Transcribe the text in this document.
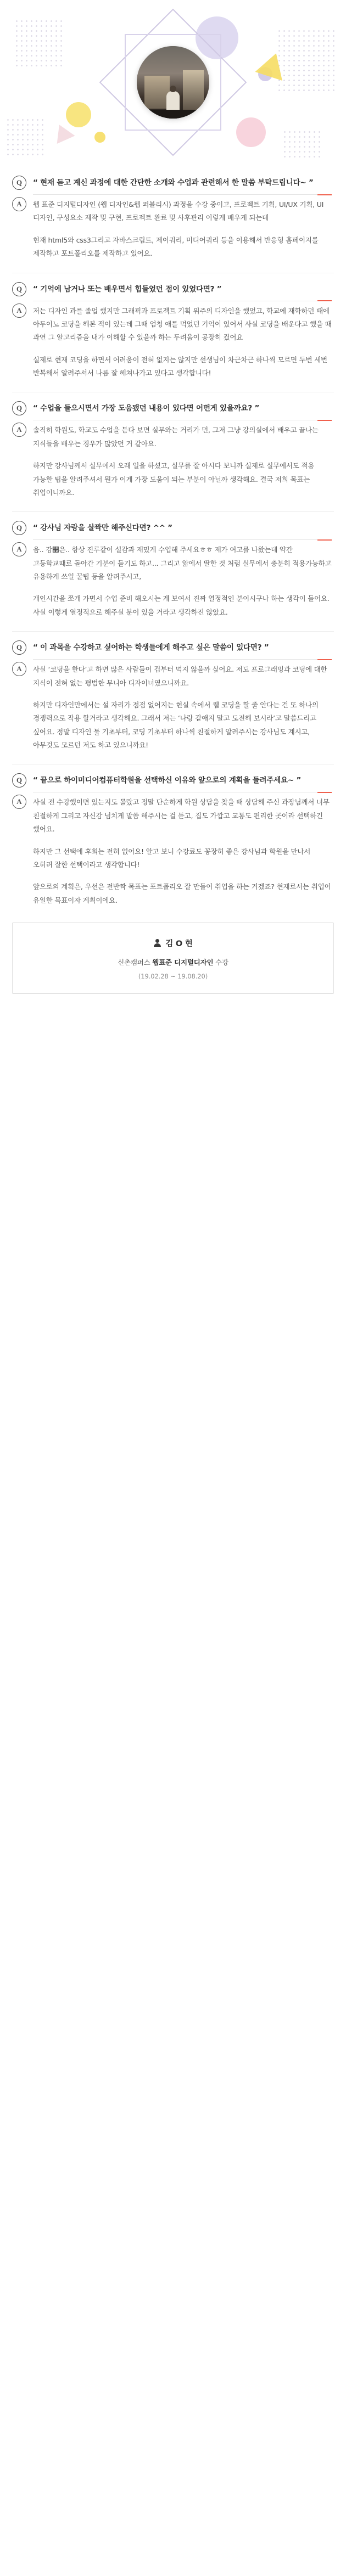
Q	“ 현재 듣고 계신 과정에 대한 간단한 소개와 수업과 관련해서 한 말씀 부탁드립니다~ ”
A	웹 표준 디지털디자인 (웹 디자인&웹 퍼블리시) 과정을 수강 중이고, 프로젝트 기획, UI/UX 기획, UI 디자인, 구성요소 제작 및 구현, 프로젝트 완료 및 사후관리 이렇게 배우게 되는데

현재 html5와 css3그리고 자바스크립트, 제이쿼리, 미디어쿼리 등을 이용해서 반응형 홈페이지를 제작하고 포트폴리오를 제작하고 있어요.

Q	“ 기억에 남거나 또는 배우면서 힘들었던 점이 있었다면? ”
A	저는 디자인 과를 졸업 했지만 그래픽과 프로젝트 기획 위주의 디자인을 했었고, 학교에 재학하던 때에 아두이노 코딩을 해본 적이 있는데 그때 엄청 애를 먹었던 기억이 있어서 사실 코딩을 배운다고 했을 때 과연 그 알고리즘을 내가 이해할 수 있을까 하는 두려움이 공장히 컸어요

실제로 현재 코딩을 하면서 어려움이 전혀 없지는 않지만 선생님이 차근차근 하나씩 모르면 두번 세번 반복해서 알려주셔서 나름 잘 헤쳐나가고 있다고 생각합니다!

Q	“ 수업을 들으시면서 가장 도움됐던 내용이 있다면 어떤게 있을까요? ”
A	솔직히 학원도, 학교도 수업을 듣다 보면 실무와는 거리가 먼, 그저 그냥 강의실에서 배우고 끝나는 지식들을 배우는 경우가 많았던 거 같아요.

하지만 강사님께서 실무에서 오래 일을 하셨고, 실무를 잘 아시다 보니까 실제로 실무에서도 적용 가능한 팁을 알려주셔서 뭔가 이게 가장 도움이 되는 부분이 아닐까 생각해요. 결국 저희 목표는 취업이니까요.

Q	“ 강사님 자랑을 살짝만 해주신다면? ^^ ”
A	음.. 강෢은.. 항상 진루같이 설감과 재밌게 수업해 주세요ㅎㅎ 제가 여고를 나왔는데 약간 고등학교때로 돌아간 기분이 들기도 하고... 그리고 앎에서 딸한 것 처럼 실무에서 충분히 적용가능하고 유용하게 쓰일 꿀팁 등을 알려주시고,

개인시간을 쪼개 가면서 수업 준비 해오시는 게 보여서 진짜 열정적인 분이시구나 하는 생각이 들어요. 사실 이렇게 열정적으로 해주실 분이 있을 거라고 생각하진 않았요.

Q	“ 이 과목을 수강하고 싶어하는 학생들에게 해주고 싶은 말씀이 있다면? ”
A	사실 ‘코딩을 한다’고 하면 많은 사람들이 겁부터 먹지 않을까 싶어요. 저도 프로그래밍과 코딩에 대한 지식이 전혀 없는 평범한 무니아 디자이너였으니까요.

하지만 디자인만에서는 설 자리가 점점 없어지는 현실 속에서 웹 코딩을 할 줄 안다는 건 또 하나의 경쟁력으로 작용 할거라고 생각해요. 그래서 저는 ‘나랑 같애지 말고 도전해 보시라’고 말씀드리고 싶어요. 정말 디자인 툴 기초부터, 코딩 기초부터 하나씩 친절하게 알려주시는 강사님도 계시고, 아무것도 모르던 저도 하고 있으니까요!

Q	“ 끝으로 하이미디어컴퓨터학원을 선택하신 이유와 앞으로의 계획을 들려주세요~ ”
A	사실 전 수강했이면 있는지도 몰랐고 정말 단순하게 학원 상담을 찾을 때 상담해 주신 과장님께서 너무 친절하게 그리고 자신감 넘치게 말씀 해주시는 걸 듣고, 집도 가깝고 교통도 편리한 곳이라 선택하긴 했어요.

하지만 그 선택에 후회는 전혀 없어요! 알고 보니 수강료도 꽁장히 좋은 강사님과 학원을 만나서 오히려 잘한 선택이라고 생각합니다!

앞으로의 계획은, 우선은 전반짝 목표는 포트폴리오 잘 만들어 취업을 하는 거겠죠? 현재로서는 취업이 유일한 목표이자 계획이에요.

김 O 현
신촌캠퍼스 웹표준 디지털디자인 수강
(19.02.28 ~ 19.08.20)
